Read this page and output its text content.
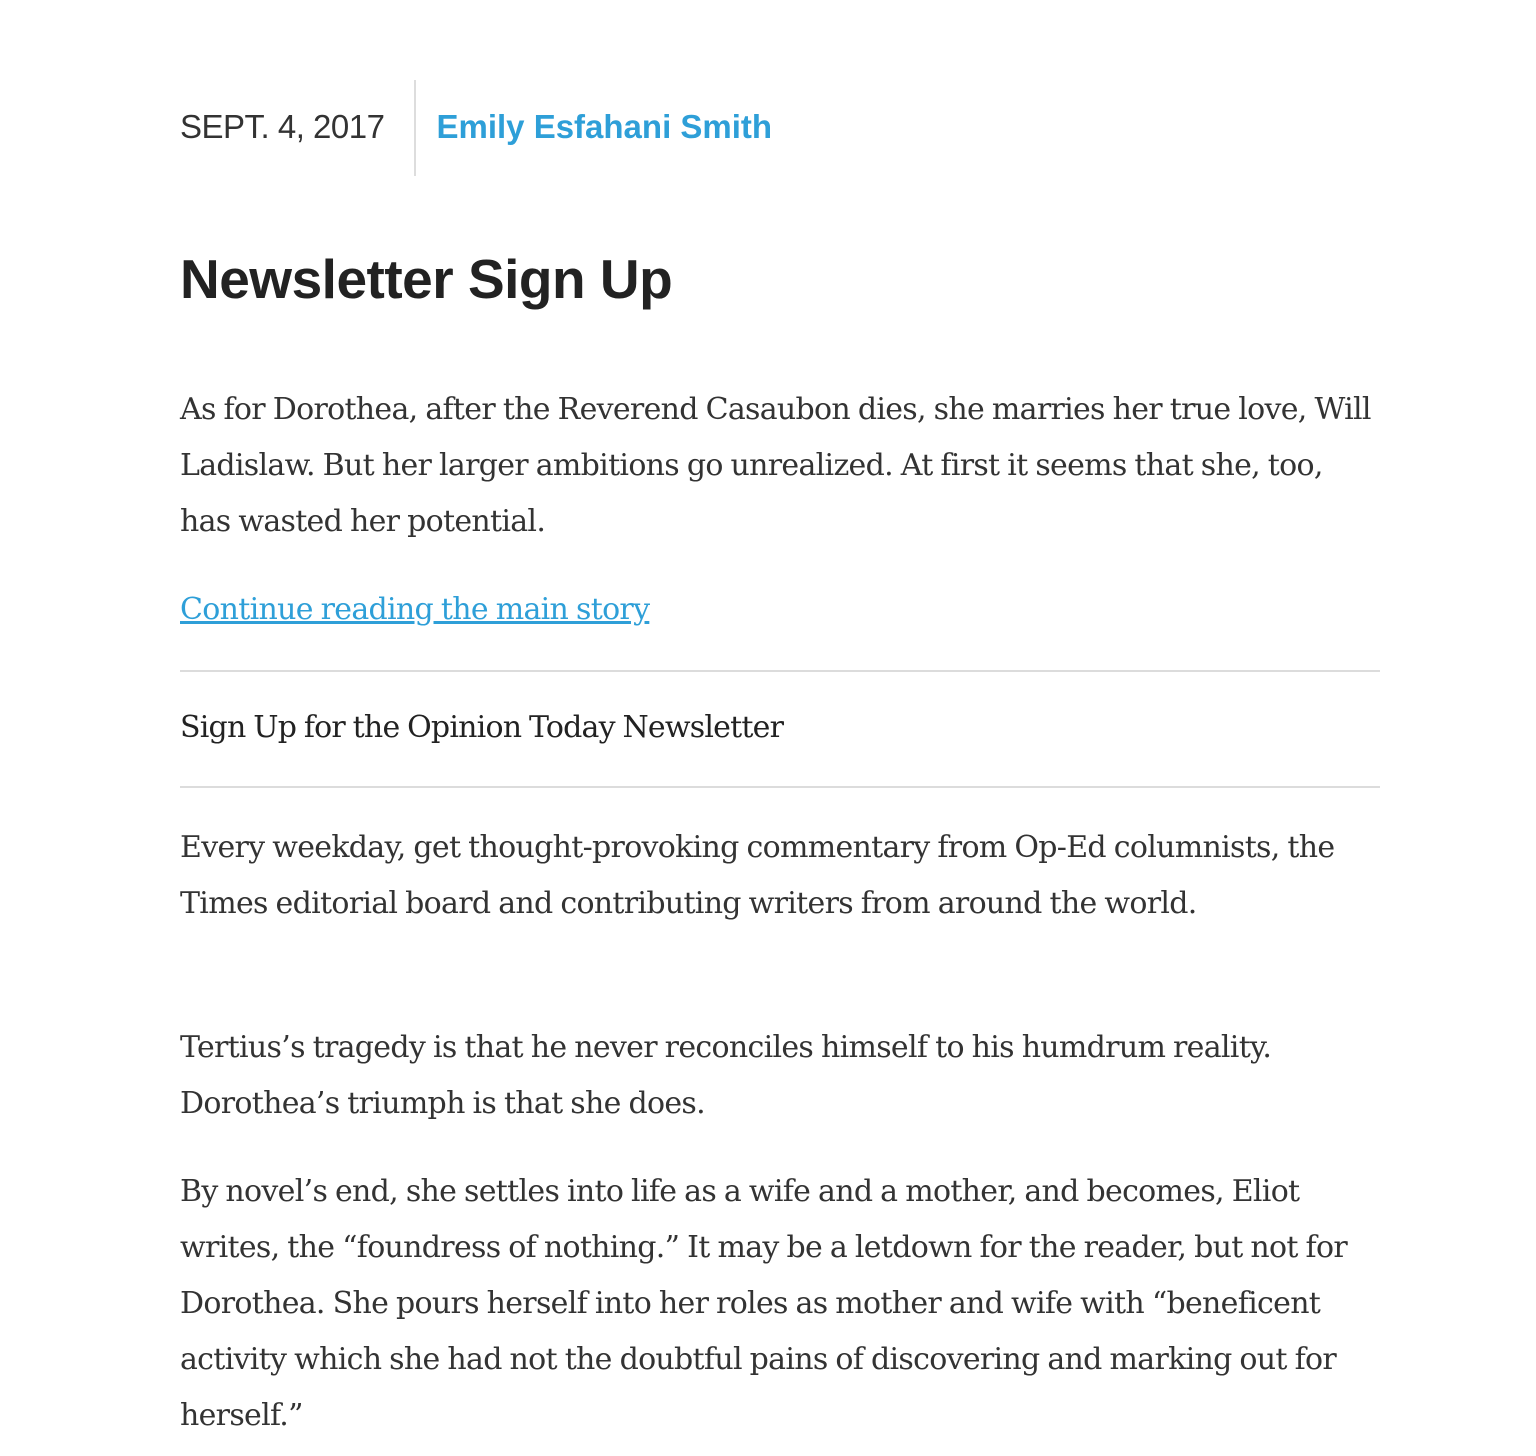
SEPT. 4, 2017	Emily Esfahani Smith
Newsletter Sign Up

As for Dorothea, after the Reverend Casaubon dies, she marries her true love, Will Ladislaw. But her larger ambitions go unrealized. At first it seems that she, too, has wasted her potential.

Continue reading the main story
Sign Up for the Opinion Today Newsletter

Every weekday, get thought-provoking commentary from Op-Ed columnists, the Times editorial board and contributing writers from around the world.

Tertius’s tragedy is that he never reconciles himself to his humdrum reality. Dorothea’s triumph is that she does.

By novel’s end, she settles into life as a wife and a mother, and becomes, Eliot writes, the “foundress of nothing.” It may be a letdown for the reader, but not for Dorothea. She pours herself into her roles as mother and wife with “beneficent activity which she had not the doubtful pains of discovering and marking out for herself.”
